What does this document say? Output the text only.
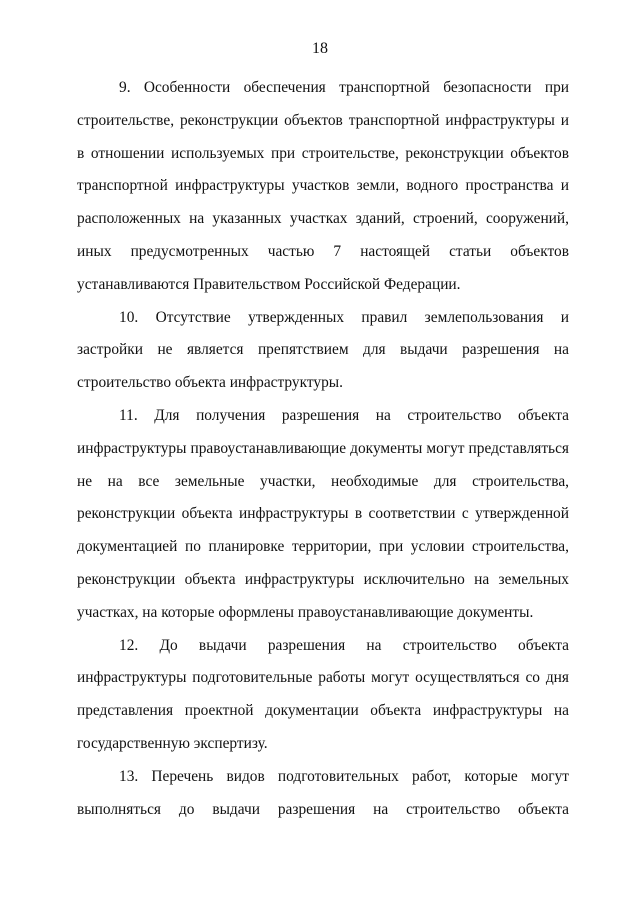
18
9. Особенности обеспечения транспортной безопасности при строительстве, реконструкции объектов транспортной инфраструктуры и в отношении используемых при строительстве, реконструкции объектов транспортной инфраструктуры участков земли, водного пространства и расположенных на указанных участках зданий, строений, сооружений, иных предусмотренных частью 7 настоящей статьи объектов устанавливаются Правительством Российской Федерации.
10. Отсутствие утвержденных правил землепользования и застройки не является препятствием для выдачи разрешения на строительство объекта инфраструктуры.
11. Для получения разрешения на строительство объекта инфраструктуры правоустанавливающие документы могут представляться не на все земельные участки, необходимые для строительства, реконструкции объекта инфраструктуры в соответствии с утвержденной документацией по планировке территории, при условии строительства, реконструкции объекта инфраструктуры исключительно на земельных участках, на которые оформлены правоустанавливающие документы.
12. До выдачи разрешения на строительство объекта инфраструктуры подготовительные работы могут осуществляться со дня представления проектной документации объекта инфраструктуры на государственную экспертизу.
13. Перечень видов подготовительных работ, которые могут выполняться до выдачи разрешения на строительство объекта
